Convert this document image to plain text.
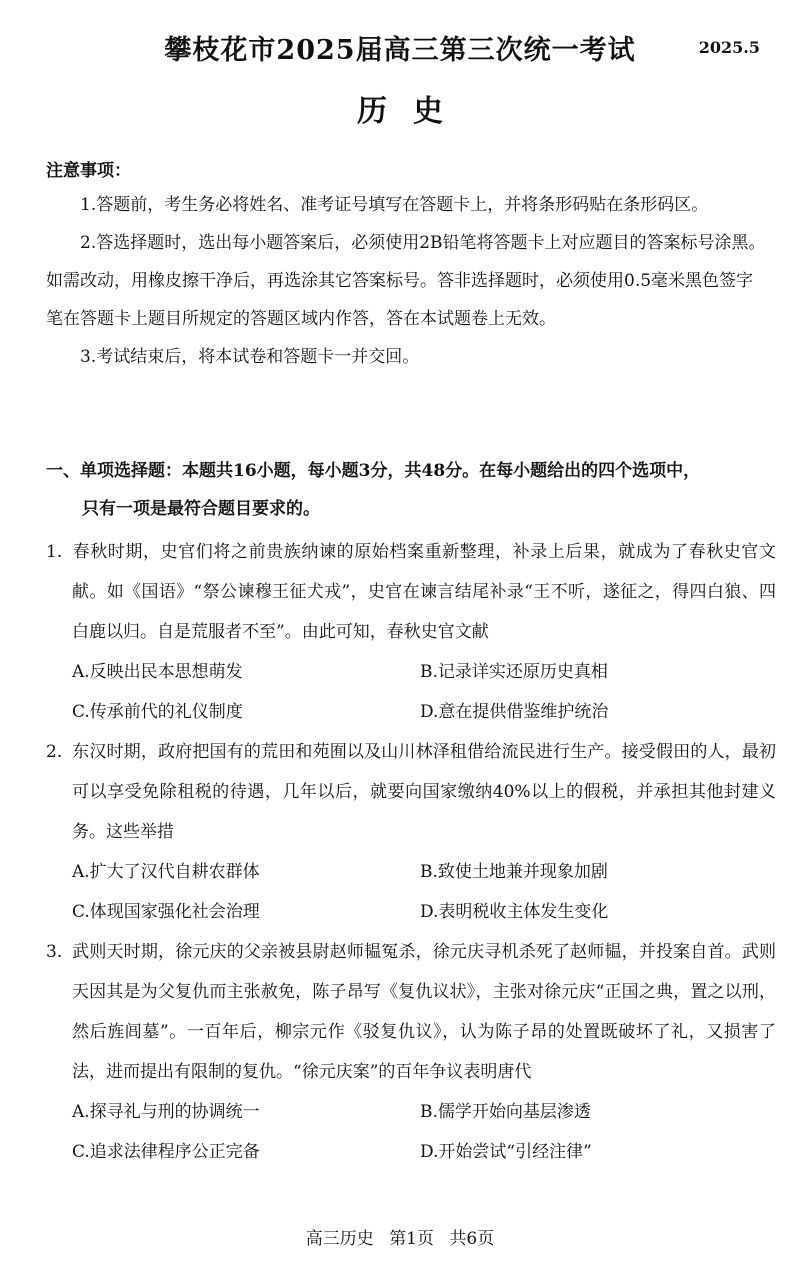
攀枝花市2025届高三第三次统一考试	2025.5
历史
注意事项：

1.答题前，考生务必将姓名、准考证号填写在答题卡上，并将条形码贴在条形码区。

2.答选择题时，选出每小题答案后，必须使用2B铅笔将答题卡上对应题目的答案标号涂黑。如需改动，用橡皮擦干净后，再选涂其它答案标号。答非选择题时，必须使用0.5毫米黑色签字笔在答题卡上题目所规定的答题区域内作答，答在本试题卷上无效。

3.考试结束后，将本试卷和答题卡一并交回。

一、单项选择题：本题共16小题，每小题3分，共48分。在每小题给出的四个选项中，

只有一项是最符合题目要求的。

1. 春秋时期，史官们将之前贵族纳谏的原始档案重新整理，补录上后果，就成为了春秋史官文献。如《国语》“祭公谏穆王征犬戎”，史官在谏言结尾补录“王不听，遂征之，得四白狼、四白鹿以归。自是荒服者不至”。由此可知，春秋史官文献

A.反映出民本思想萌发	B.记录详实还原历史真相

C.传承前代的礼仪制度	D.意在提供借鉴维护统治

2. 东汉时期，政府把国有的荒田和苑囿以及山川林泽租借给流民进行生产。接受假田的人，最初可以享受免除租税的待遇，几年以后，就要向国家缴纳40%以上的假税，并承担其他封建义务。这些举措

A.扩大了汉代自耕农群体	B.致使土地兼并现象加剧

C.体现国家强化社会治理	D.表明税收主体发生变化

3. 武则天时期，徐元庆的父亲被县尉赵师韫冤杀，徐元庆寻机杀死了赵师韫，并投案自首。武则天因其是为父复仇而主张赦免，陈子昂写《复仇议状》，主张对徐元庆“正国之典，置之以刑，然后旌闾墓”。一百年后，柳宗元作《驳复仇议》，认为陈子昂的处置既破坏了礼，又损害了法，进而提出有限制的复仇。“徐元庆案”的百年争议表明唐代

A.探寻礼与刑的协调统一	B.儒学开始向基层渗透

C.追求法律程序公正完备	D.开始尝试“引经注律”

高三历史 第1页 共6页
